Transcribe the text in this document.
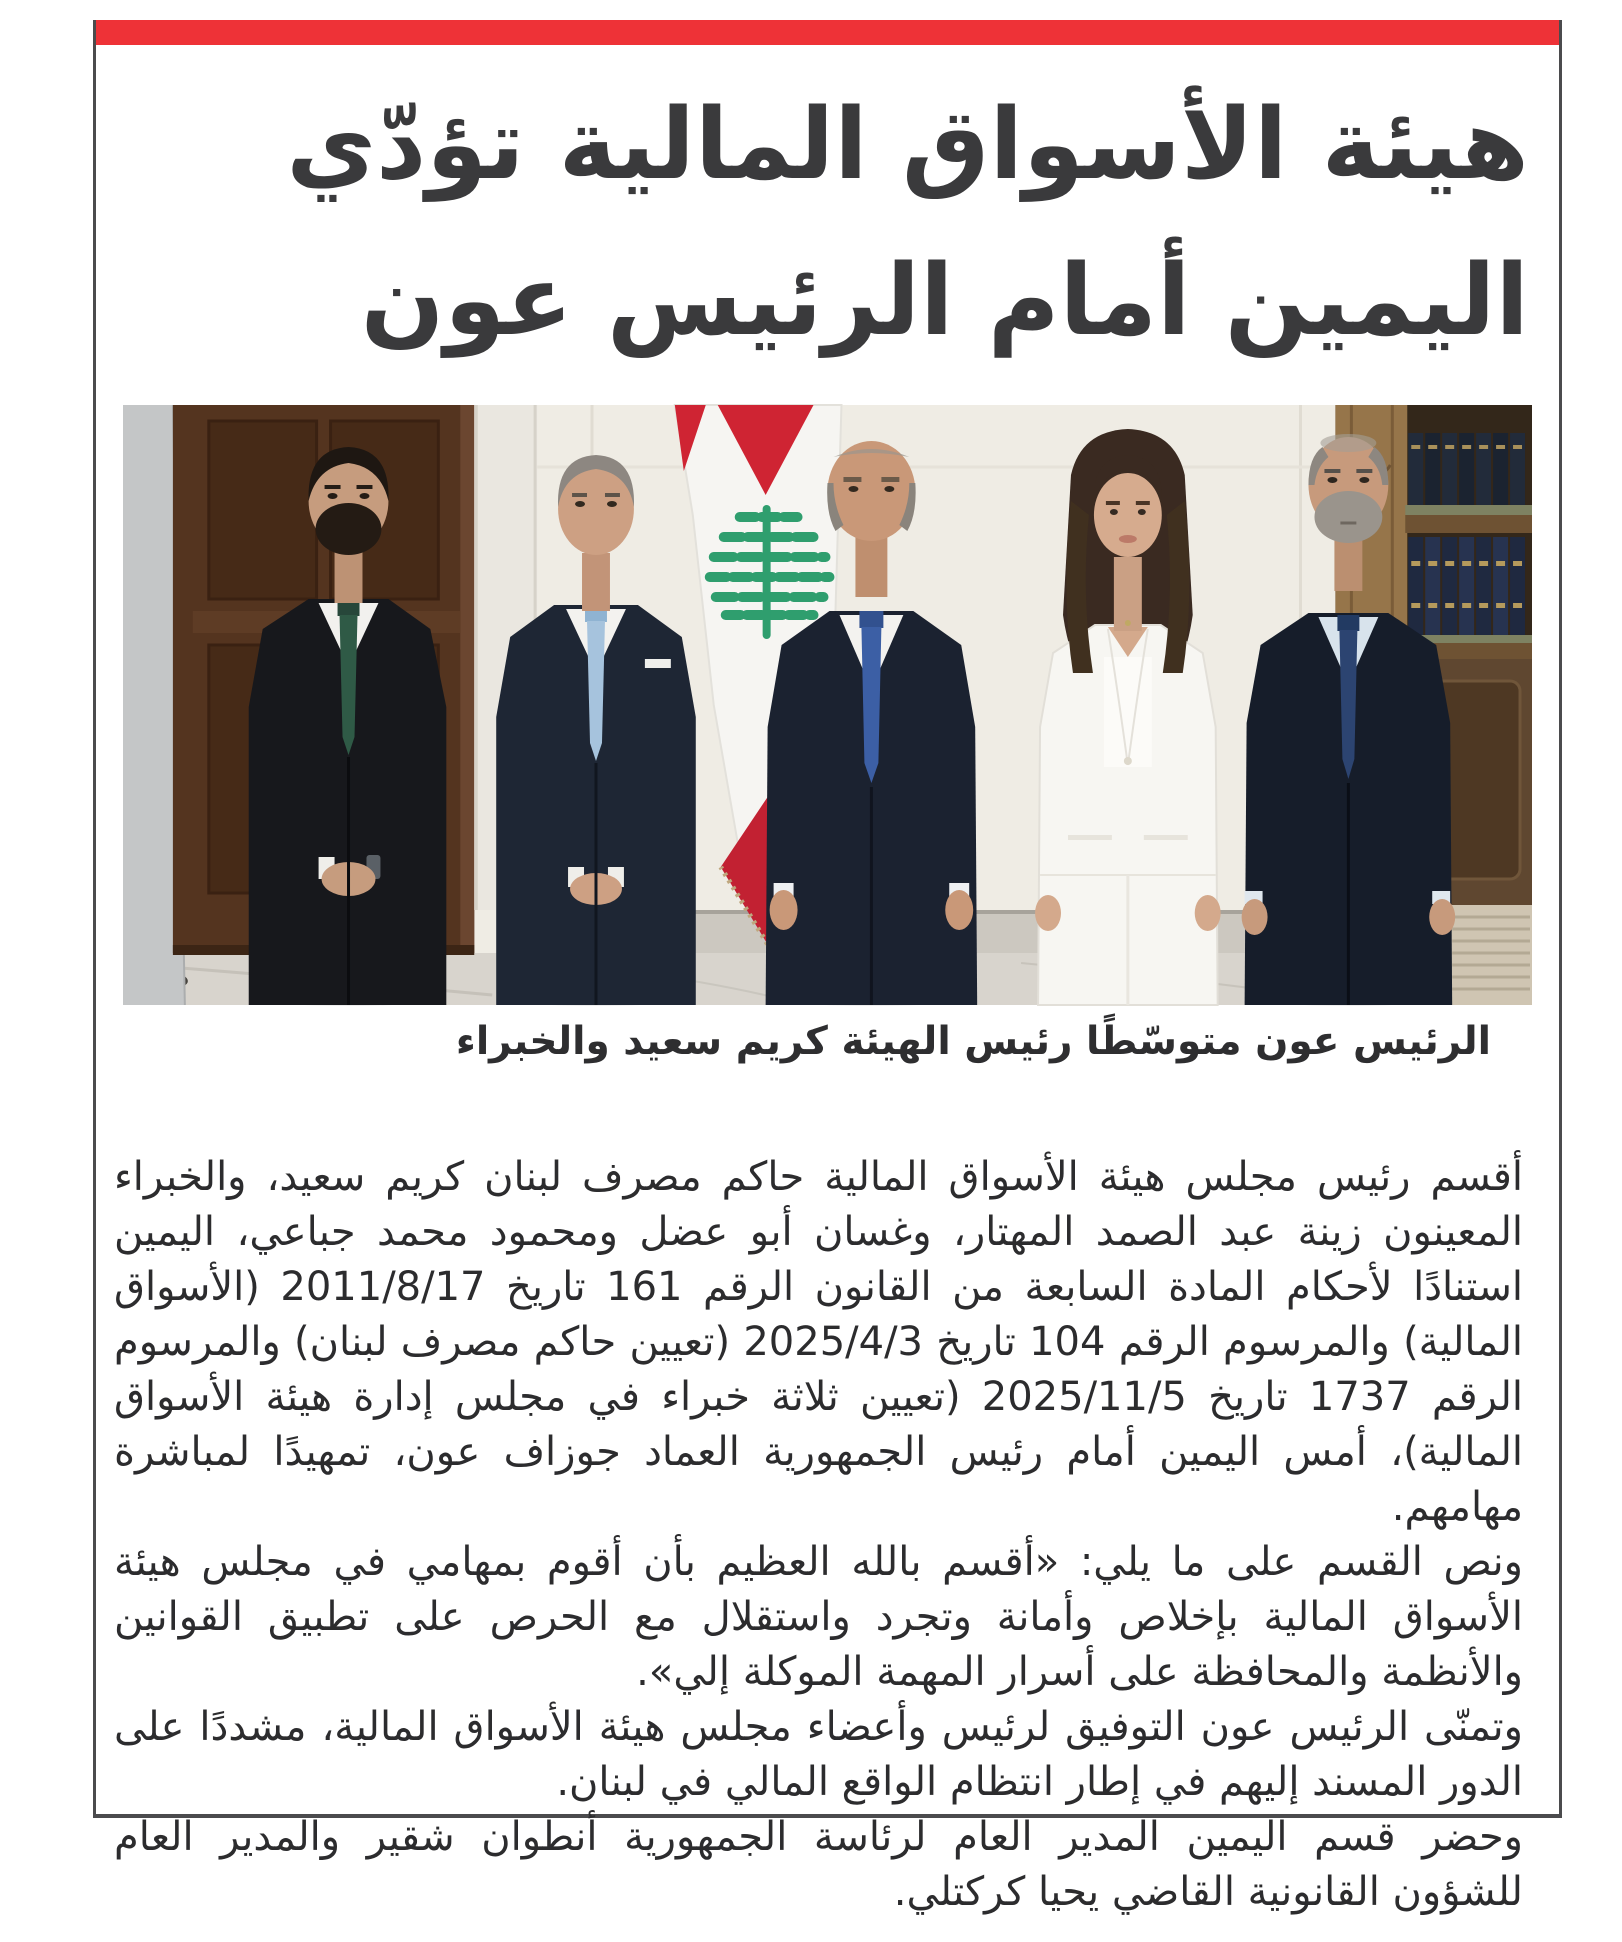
هيئة الأسواق المالية تؤدّي اليمين أمام الرئيس عون
الرئيس عون متوسّطًا رئيس الهيئة كريم سعيد والخبراء

أقسم رئيس مجلس هيئة الأسواق المالية حاكم مصرف لبنان كريم سعيد، والخبراء المعينون زينة عبد الصمد المهتار، وغسان أبو عضل ومحمود محمد جباعي، اليمين استنادًا لأحكام المادة السابعة من القانون الرقم 161 تاريخ 2011/8/17 (الأسواق المالية) والمرسوم الرقم 104 تاريخ 2025/4/3 (تعيين حاكم مصرف لبنان) والمرسوم الرقم 1737 تاريخ 2025/11/5 (تعيين ثلاثة خبراء في مجلس إدارة هيئة الأسواق المالية)، أمس اليمين أمام رئيس الجمهورية العماد جوزاف عون، تمهيدًا لمباشرة مهامهم.

ونص القسم على ما يلي: «أقسم بالله العظيم بأن أقوم بمهامي في مجلس هيئة الأسواق المالية بإخلاص وأمانة وتجرد واستقلال مع الحرص على تطبيق القوانين والأنظمة والمحافظة على أسرار المهمة الموكلة إلي».

وتمنّى الرئيس عون التوفيق لرئيس وأعضاء مجلس هيئة الأسواق المالية، مشددًا على الدور المسند إليهم في إطار انتظام الواقع المالي في لبنان.

وحضر قسم اليمين المدير العام لرئاسة الجمهورية أنطوان شقير والمدير العام للشؤون القانونية القاضي يحيا كركتلي.
